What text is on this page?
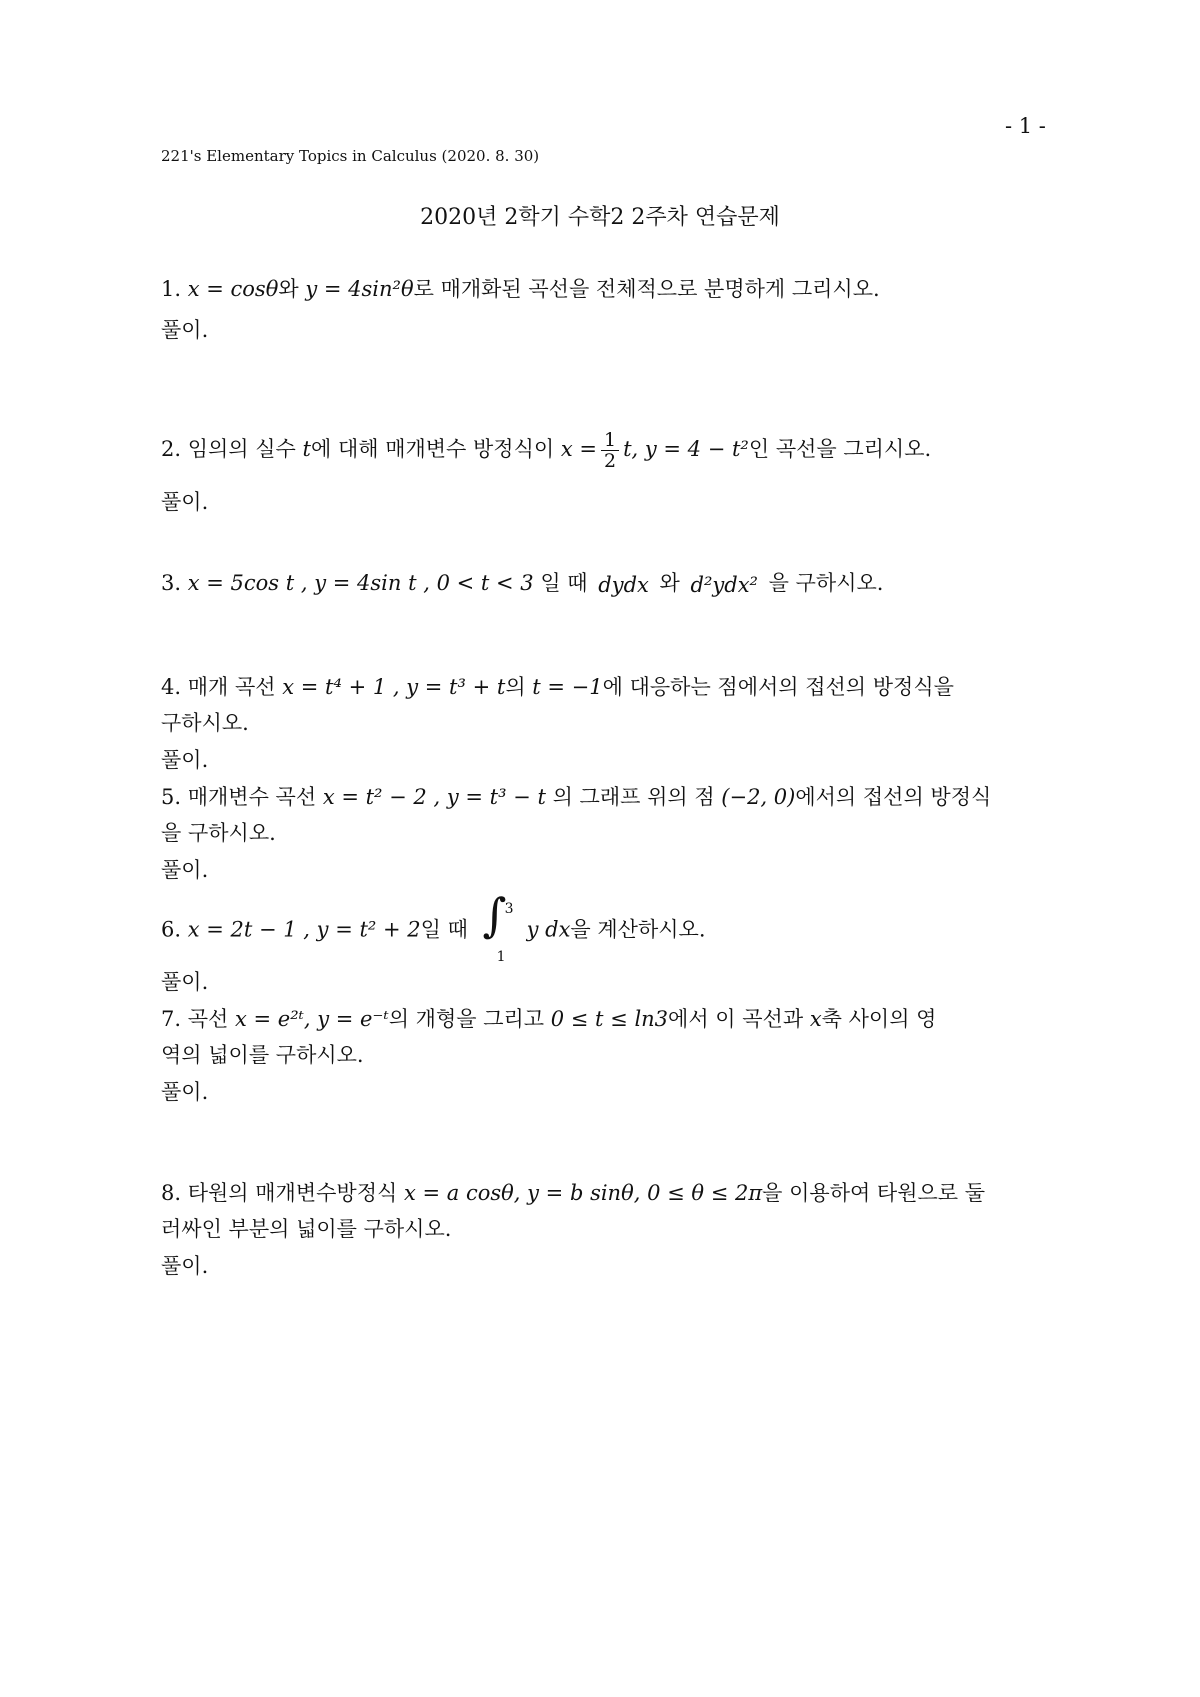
- 1 -
221's Elementary Topics in Calculus (2020. 8. 30)
2020년 2학기 수학2 2주차 연습문제
1. x = cosθ와 y = 4sin²θ로 매개화된 곡선을 전체적으로 분명하게 그리시오.
풀이.
2. 임의의 실수 t에 대해 매개변수 방정식이 $x = \frac{1}{2} t$, y = 4 − t²인 곡선을 그리시오.
풀이.
3. x = 5cos t , y = 4sin t , 0 < t < 3 일 때 dydx 와 d²ydx² 을 구하시오.
4. 매개 곡선 x = t⁴ + 1 , y = t³ + t의 t = −1에 대응하는 점에서의 접선의 방정식을
구하시오.
풀이.
5. 매개변수 곡선 x = t² − 2 , y = t³ − t 의 그래프 위의 점 (−2, 0)에서의 접선의 방정식
을 구하시오.
풀이.
6. x = 2t − 1 , y = t² + 2일 때 ∫
3
1
y dx을 계산하시오.
풀이.
7. 곡선 x = e²ᵗ, y = e⁻ᵗ의 개형을 그리고 0 ≤ t ≤ ln3에서 이 곡선과 x축 사이의 영
역의 넓이를 구하시오.
풀이.
8. 타원의 매개변수방정식 x = a cosθ, y = b sinθ, 0 ≤ θ ≤ 2π을 이용하여 타원으로 둘
러싸인 부분의 넓이를 구하시오.
풀이.
